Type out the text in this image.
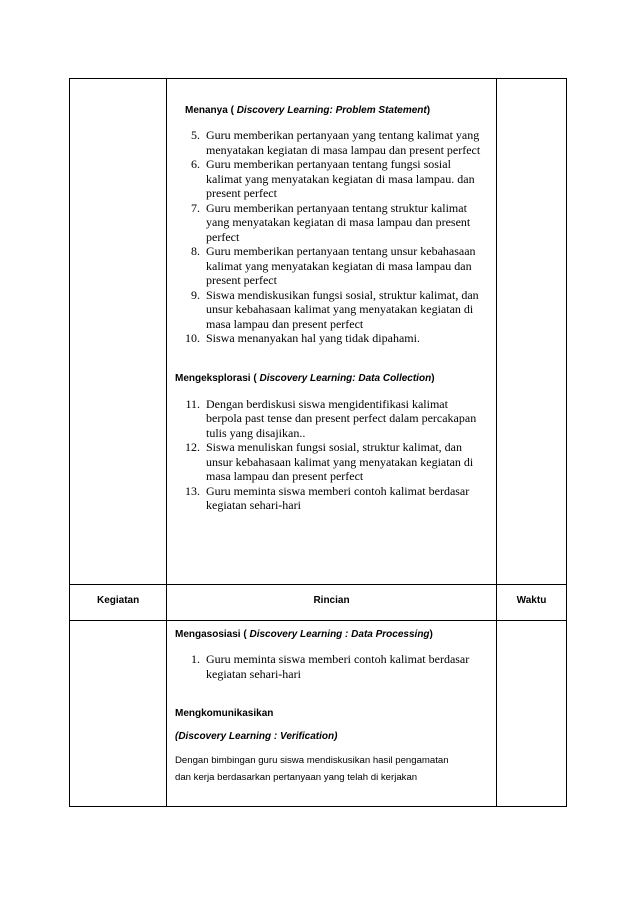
Menanya ( Discovery Learning: Problem Statement)
5. Guru memberikan pertanyaan yang tentang kalimat yang menyatakan kegiatan di masa lampau dan present perfect
6. Guru memberikan pertanyaan tentang fungsi sosial kalimat yang menyatakan kegiatan di masa lampau. dan present perfect
7. Guru memberikan pertanyaan tentang struktur kalimat yang menyatakan kegiatan di masa lampau dan present perfect
8. Guru memberikan pertanyaan tentang unsur kebahasaan kalimat yang menyatakan kegiatan di masa lampau dan present perfect
9. Siswa mendiskusikan fungsi sosial, struktur kalimat, dan unsur kebahasaan kalimat yang menyatakan kegiatan di masa lampau dan present perfect
10. Siswa menanyakan hal yang tidak dipahami.
Mengeksplorasi ( Discovery Learning: Data Collection)
11. Dengan berdiskusi siswa mengidentifikasi kalimat berpola past tense dan present perfect dalam percakapan tulis yang disajikan..
12. Siswa menuliskan fungsi sosial, struktur kalimat, dan unsur kebahasaan kalimat yang menyatakan kegiatan di masa lampau dan present perfect
13. Guru meminta siswa memberi contoh kalimat berdasar kegiatan sehari-hari
Kegiatan	Rincian	Waktu
Mengasosiasi ( Discovery Learning : Data Processing)
1. Guru meminta siswa memberi contoh kalimat berdasar kegiatan sehari-hari
Mengkomunikasikan
(Discovery Learning : Verification)
Dengan bimbingan guru siswa mendiskusikan hasil pengamatan
dan kerja berdasarkan pertanyaan yang telah di kerjakan
